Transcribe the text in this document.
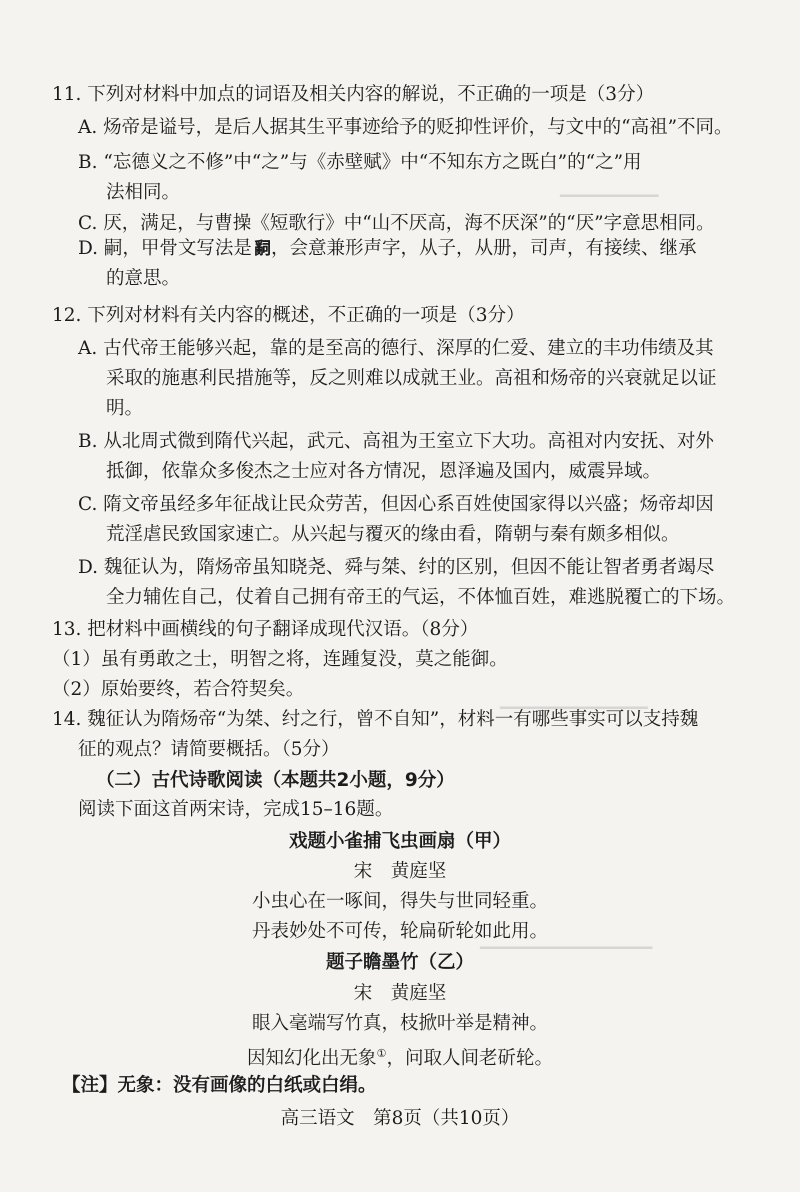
▁▁▁▁▁▁▁▁
▁▁▁▁▁▁▁▁▁▁▁▁
▁▁▁▁▁▁▁▁▁▁▁▁▁▁
11. 下列对材料中加点的词语及相关内容的解说，不正确的一项是（3分）
A. 炀帝是谥号，是后人据其生平事迹给予的贬抑性评价，与文中的“高祖”不同。
B. “忘德义之不修”中“之”与《赤壁赋》中“不知东方之既白”的“之”用
法相同。
C. 厌，满足，与曹操《短歌行》中“山不厌高，海不厌深”的“厌”字意思相同。
D. 嗣，甲骨文写法是 𤔲 ，会意兼形声字，从子，从册，司声，有接续、继承
的意思。
12. 下列对材料有关内容的概述，不正确的一项是（3分）
A. 古代帝王能够兴起，靠的是至高的德行、深厚的仁爱、建立的丰功伟绩及其
采取的施惠利民措施等，反之则难以成就王业。高祖和炀帝的兴衰就足以证
明。
B. 从北周式微到隋代兴起，武元、高祖为王室立下大功。高祖对内安抚、对外
抵御，依靠众多俊杰之士应对各方情况，恩泽遍及国内，威震异域。
C. 隋文帝虽经多年征战让民众劳苦，但因心系百姓使国家得以兴盛；炀帝却因
荒淫虐民致国家速亡。从兴起与覆灭的缘由看，隋朝与秦有颇多相似。
D. 魏征认为，隋炀帝虽知晓尧、舜与桀、纣的区别，但因不能让智者勇者竭尽
全力辅佐自己，仗着自己拥有帝王的气运，不体恤百姓，难逃脱覆亡的下场。
13. 把材料中画横线的句子翻译成现代汉语。（8分）
（1）虽有勇敢之士，明智之将，连踵复没，莫之能御。
（2）原始要终，若合符契矣。
14. 魏征认为隋炀帝“为桀、纣之行，曾不自知”，材料一有哪些事实可以支持魏
征的观点？请简要概括。（5分）
（二）古代诗歌阅读（本题共2小题，9分）
阅读下面这首两宋诗，完成15–16题。
戏题小雀捕飞虫画扇（甲）
宋　黄庭坚
小虫心在一啄间，得失与世同轻重。
丹表妙处不可传，轮扁斫轮如此用。
题子瞻墨竹（乙）
宋　黄庭坚
眼入毫端写竹真，枝掀叶举是精神。
因知幻化出无象①，问取人间老斫轮。
【注】无象：没有画像的白纸或白绢。
高三语文　第8页（共10页）
